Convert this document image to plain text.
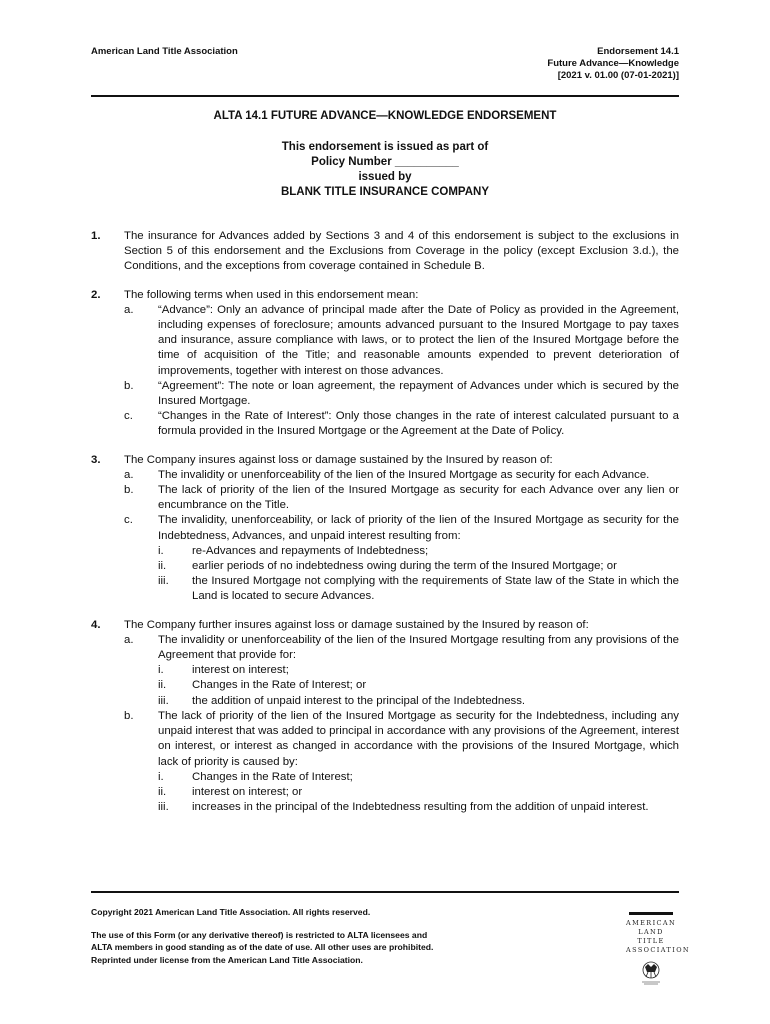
American Land Title Association	Endorsement 14.1
Future Advance—Knowledge
[2021 v. 01.00 (07-01-2021)]
ALTA 14.1 FUTURE ADVANCE—KNOWLEDGE ENDORSEMENT
This endorsement is issued as part of
Policy Number __________
issued by
BLANK TITLE INSURANCE COMPANY
1. The insurance for Advances added by Sections 3 and 4 of this endorsement is subject to the exclusions in Section 5 of this endorsement and the Exclusions from Coverage in the policy (except Exclusion 3.d.), the Conditions, and the exceptions from coverage contained in Schedule B.
2. The following terms when used in this endorsement mean:
a. “Advance”: Only an advance of principal made after the Date of Policy as provided in the Agreement, including expenses of foreclosure; amounts advanced pursuant to the Insured Mortgage to pay taxes and insurance, assure compliance with laws, or to protect the lien of the Insured Mortgage before the time of acquisition of the Title; and reasonable amounts expended to prevent deterioration of improvements, together with interest on those advances.
b. “Agreement”: The note or loan agreement, the repayment of Advances under which is secured by the Insured Mortgage.
c. “Changes in the Rate of Interest”: Only those changes in the rate of interest calculated pursuant to a formula provided in the Insured Mortgage or the Agreement at the Date of Policy.
3. The Company insures against loss or damage sustained by the Insured by reason of:
a. The invalidity or unenforceability of the lien of the Insured Mortgage as security for each Advance.
b. The lack of priority of the lien of the Insured Mortgage as security for each Advance over any lien or encumbrance on the Title.
c. The invalidity, unenforceability, or lack of priority of the lien of the Insured Mortgage as security for the Indebtedness, Advances, and unpaid interest resulting from:
i. re-Advances and repayments of Indebtedness;
ii. earlier periods of no indebtedness owing during the term of the Insured Mortgage; or
iii. the Insured Mortgage not complying with the requirements of State law of the State in which the Land is located to secure Advances.
4. The Company further insures against loss or damage sustained by the Insured by reason of:
a. The invalidity or unenforceability of the lien of the Insured Mortgage resulting from any provisions of the Agreement that provide for:
i. interest on interest;
ii. Changes in the Rate of Interest; or
iii. the addition of unpaid interest to the principal of the Indebtedness.
b. The lack of priority of the lien of the Insured Mortgage as security for the Indebtedness, including any unpaid interest that was added to principal in accordance with any provisions of the Agreement, interest on interest, or interest as changed in accordance with the provisions of the Insured Mortgage, which lack of priority is caused by:
i. Changes in the Rate of Interest;
ii. interest on interest; or
iii. increases in the principal of the Indebtedness resulting from the addition of unpaid interest.

Copyright 2021 American Land Title Association. All rights reserved.

The use of this Form (or any derivative thereof) is restricted to ALTA licensees and
ALTA members in good standing as of the date of use. All other uses are prohibited.
Reprinted under license from the American Land Title Association.

AMERICAN
LAND TITLE
ASSOCIATION
